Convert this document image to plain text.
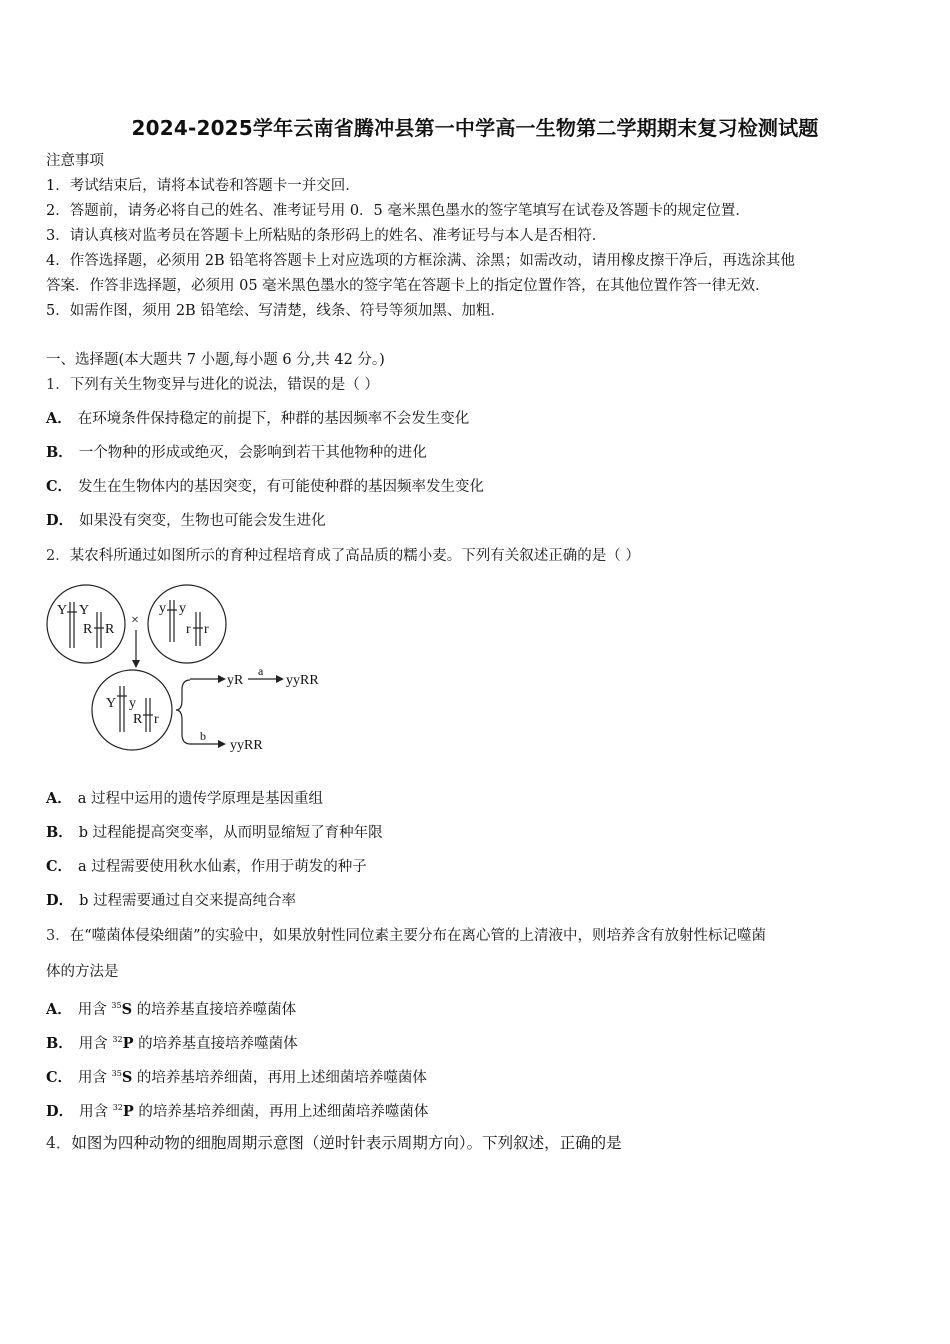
2024-2025学年云南省腾冲县第一中学高一生物第二学期期末复习检测试题
注意事项
1．考试结束后，请将本试卷和答题卡一并交回．
2．答题前，请务必将自己的姓名、准考证号用 0．5 毫米黑色墨水的签字笔填写在试卷及答题卡的规定位置．
3．请认真核对监考员在答题卡上所粘贴的条形码上的姓名、准考证号与本人是否相符．
4．作答选择题，必须用 2B 铅笔将答题卡上对应选项的方框涂满、涂黑；如需改动，请用橡皮擦干净后，再选涂其他
答案．作答非选择题，必须用 05 毫米黑色墨水的签字笔在答题卡上的指定位置作答，在其他位置作答一律无效．
5．如需作图，须用 2B 铅笔绘、写清楚，线条、符号等须加黑、加粗．
一、选择题(本大题共 7 小题,每小题 6 分,共 42 分。)
1．下列有关生物变异与进化的说法，错误的是（ ）
A． 在环境条件保持稳定的前提下，种群的基因频率不会发生变化
B． 一个物种的形成或绝灭，会影响到若干其他物种的进化
C． 发生在生物体内的基因突变，有可能使种群的基因频率发生变化
D． 如果没有突变，生物也可能会发生进化
2．某农科所通过如图所示的育种过程培育成了高品质的糯小麦。下列有关叙述正确的是（ ）
Y Y
R R
y y
r r
×
Y y
R r
yR
a
yyRR
b
yyRR
A． a 过程中运用的遗传学原理是基因重组
B． b 过程能提高突变率，从而明显缩短了育种年限
C． a 过程需要使用秋水仙素，作用于萌发的种子
D． b 过程需要通过自交来提高纯合率
3．在“噬菌体侵染细菌”的实验中，如果放射性同位素主要分布在离心管的上清液中，则培养含有放射性标记噬菌
体的方法是
A． 用含 $^{35}$S 的培养基直接培养噬菌体
B． 用含 $^{32}$P 的培养基直接培养噬菌体
C． 用含 $^{35}$S 的培养基培养细菌，再用上述细菌培养噬菌体
D． 用含 $^{32}$P 的培养基培养细菌，再用上述细菌培养噬菌体
4．如图为四种动物的细胞周期示意图（逆时针表示周期方向）。下列叙述，正确的是
